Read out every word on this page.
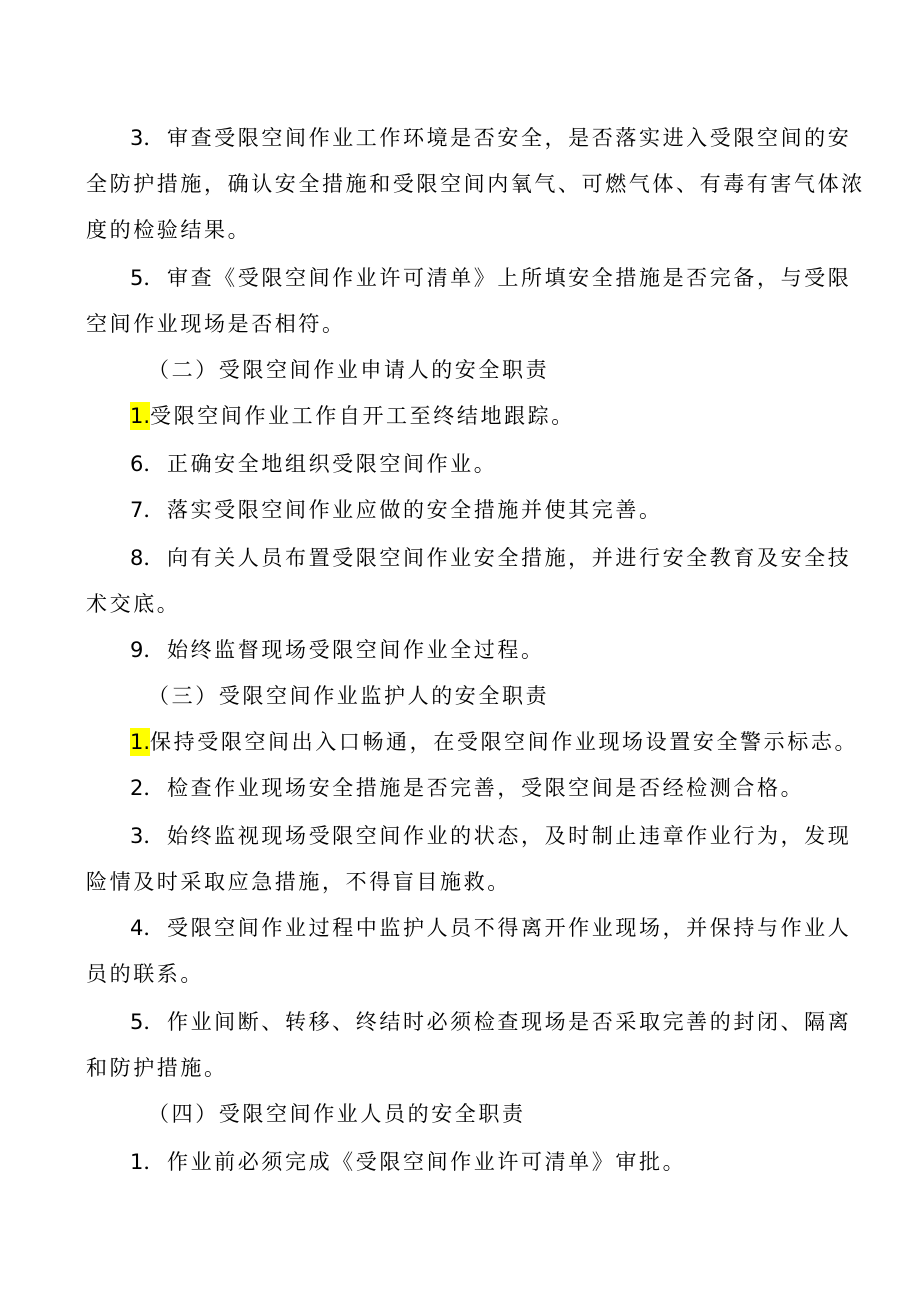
3．审查受限空间作业工作环境是否安全，是否落实进入受限空间的安
全防护措施，确认安全措施和受限空间内氧气、可燃气体、有毒有害气体浓
度的检验结果。
5．审查《受限空间作业许可清单》上所填安全措施是否完备，与受限
空间作业现场是否相符。
（二）受限空间作业申请人的安全职责
1.受限空间作业工作自开工至终结地跟踪。
6．正确安全地组织受限空间作业。
7．落实受限空间作业应做的安全措施并使其完善。
8．向有关人员布置受限空间作业安全措施，并进行安全教育及安全技
术交底。
9．始终监督现场受限空间作业全过程。
（三）受限空间作业监护人的安全职责
1.保持受限空间出入口畅通，在受限空间作业现场设置安全警示标志。
2．检查作业现场安全措施是否完善，受限空间是否经检测合格。
3．始终监视现场受限空间作业的状态，及时制止违章作业行为，发现
险情及时采取应急措施，不得盲目施救。
4．受限空间作业过程中监护人员不得离开作业现场，并保持与作业人
员的联系。
5．作业间断、转移、终结时必须检查现场是否采取完善的封闭、隔离
和防护措施。
（四）受限空间作业人员的安全职责
1．作业前必须完成《受限空间作业许可清单》审批。
